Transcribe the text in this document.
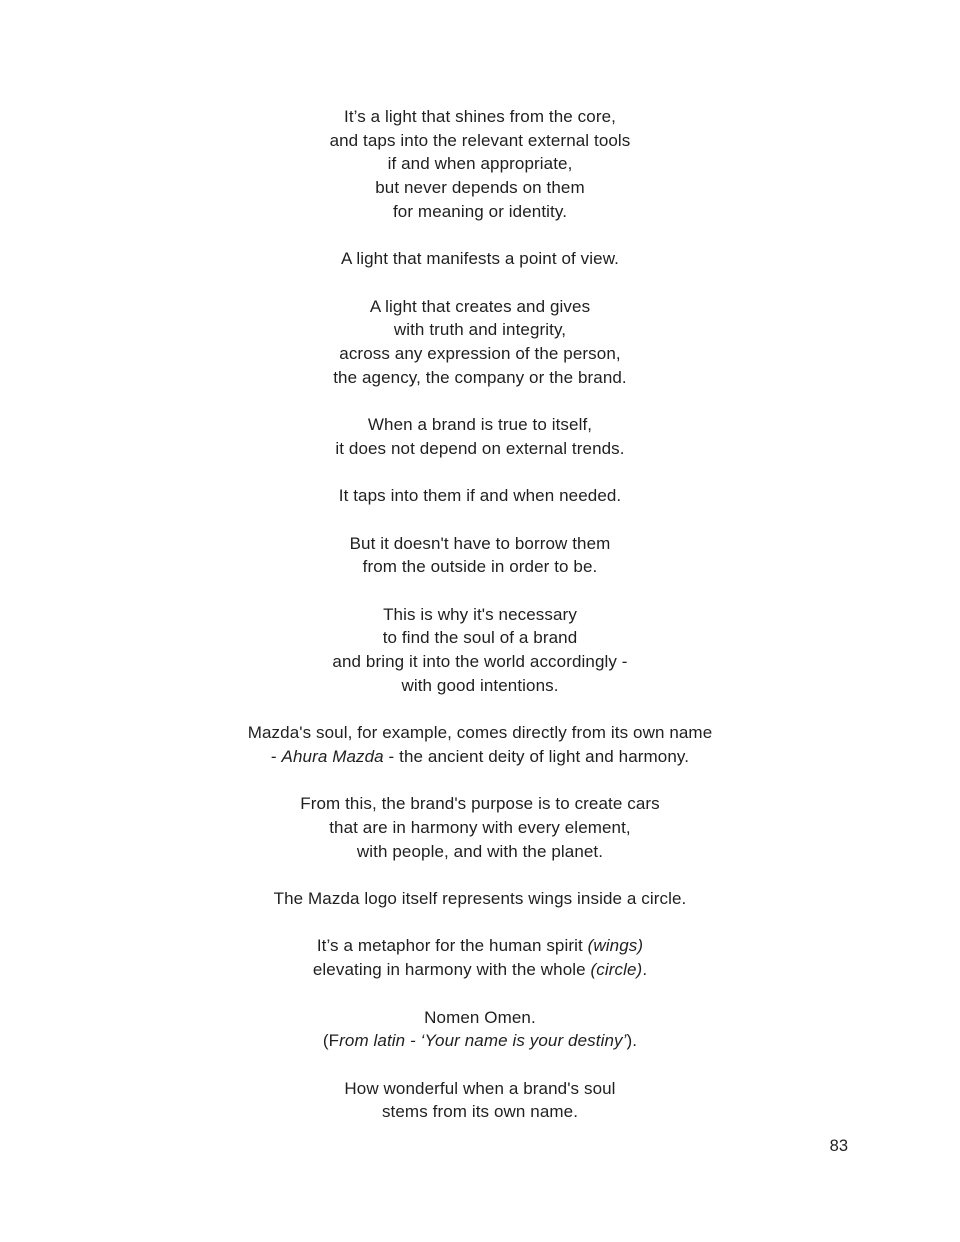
It’s a light that shines from the core,
and taps into the relevant external tools
if and when appropriate,
but never depends on them
for meaning or identity.
A light that manifests a point of view.
A light that creates and gives
with truth and integrity,
across any expression of the person,
the agency, the company or the brand.
When a brand is true to itself,
it does not depend on external trends.
It taps into them if and when needed.
But it doesn't have to borrow them
from the outside in order to be.
This is why it's necessary
to find the soul of a brand
and bring it into the world accordingly -
with good intentions.
Mazda's soul, for example, comes directly from its own name
- Ahura Mazda - the ancient deity of light and harmony.
From this, the brand's purpose is to create cars
that are in harmony with every element,
with people, and with the planet.
The Mazda logo itself represents wings inside a circle.
It’s a metaphor for the human spirit (wings)
elevating in harmony with the whole (circle).
Nomen Omen.
(From latin - ‘Your name is your destiny’).
How wonderful when a brand's soul
stems from its own name.
83
